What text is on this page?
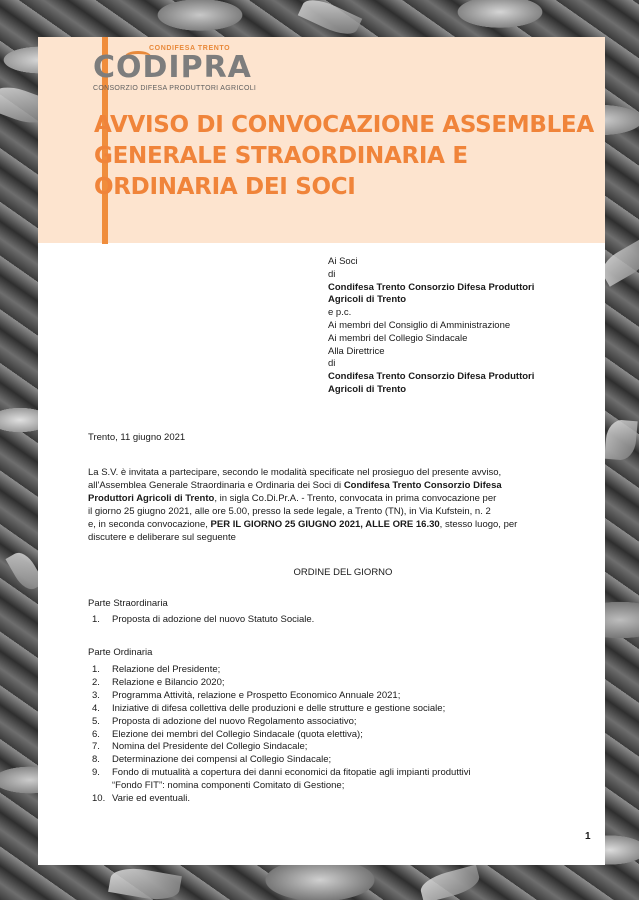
CONDIFESA TRENTO
CODIPRA
CONSORZIO DIFESA PRODUTTORI AGRICOLI
AVVISO DI CONVOCAZIONE ASSEMBLEA
GENERALE STRAORDINARIA E
ORDINARIA DEI SOCI
Ai Soci
di
Condifesa Trento Consorzio Difesa Produttori
Agricoli di Trento
e p.c.
Ai membri del Consiglio di Amministrazione
Ai membri del Collegio Sindacale
Alla Direttrice
di
Condifesa Trento Consorzio Difesa Produttori
Agricoli di Trento
Trento, 11 giugno 2021
La S.V. è invitata a partecipare, secondo le modalità specificate nel prosieguo del presente avviso,
all'Assemblea Generale Straordinaria e Ordinaria dei Soci di Condifesa Trento Consorzio Difesa
Produttori Agricoli di Trento, in sigla Co.Di.Pr.A. - Trento, convocata in prima convocazione per
il giorno 25 giugno 2021, alle ore 5.00, presso la sede legale, a Trento (TN), in Via Kufstein, n. 2
e, in seconda convocazione, PER IL GIORNO 25 GIUGNO 2021, ALLE ORE 16.30, stesso luogo, per
discutere e deliberare sul seguente
ORDINE DEL GIORNO
Parte Straordinaria
1. Proposta di adozione del nuovo Statuto Sociale.
Parte Ordinaria
1. Relazione del Presidente;
2. Relazione e Bilancio 2020;
3. Programma Attività, relazione e Prospetto Economico Annuale 2021;
4. Iniziative di difesa collettiva delle produzioni e delle strutture e gestione sociale;
5. Proposta di adozione del nuovo Regolamento associativo;
6. Elezione dei membri del Collegio Sindacale (quota elettiva);
7. Nomina del Presidente del Collegio Sindacale;
8. Determinazione dei compensi al Collegio Sindacale;
9. Fondo di mutualità a copertura dei danni economici da fitopatie agli impianti produttivi
“Fondo FIT”: nomina componenti Comitato di Gestione;
10. Varie ed eventuali.
1
